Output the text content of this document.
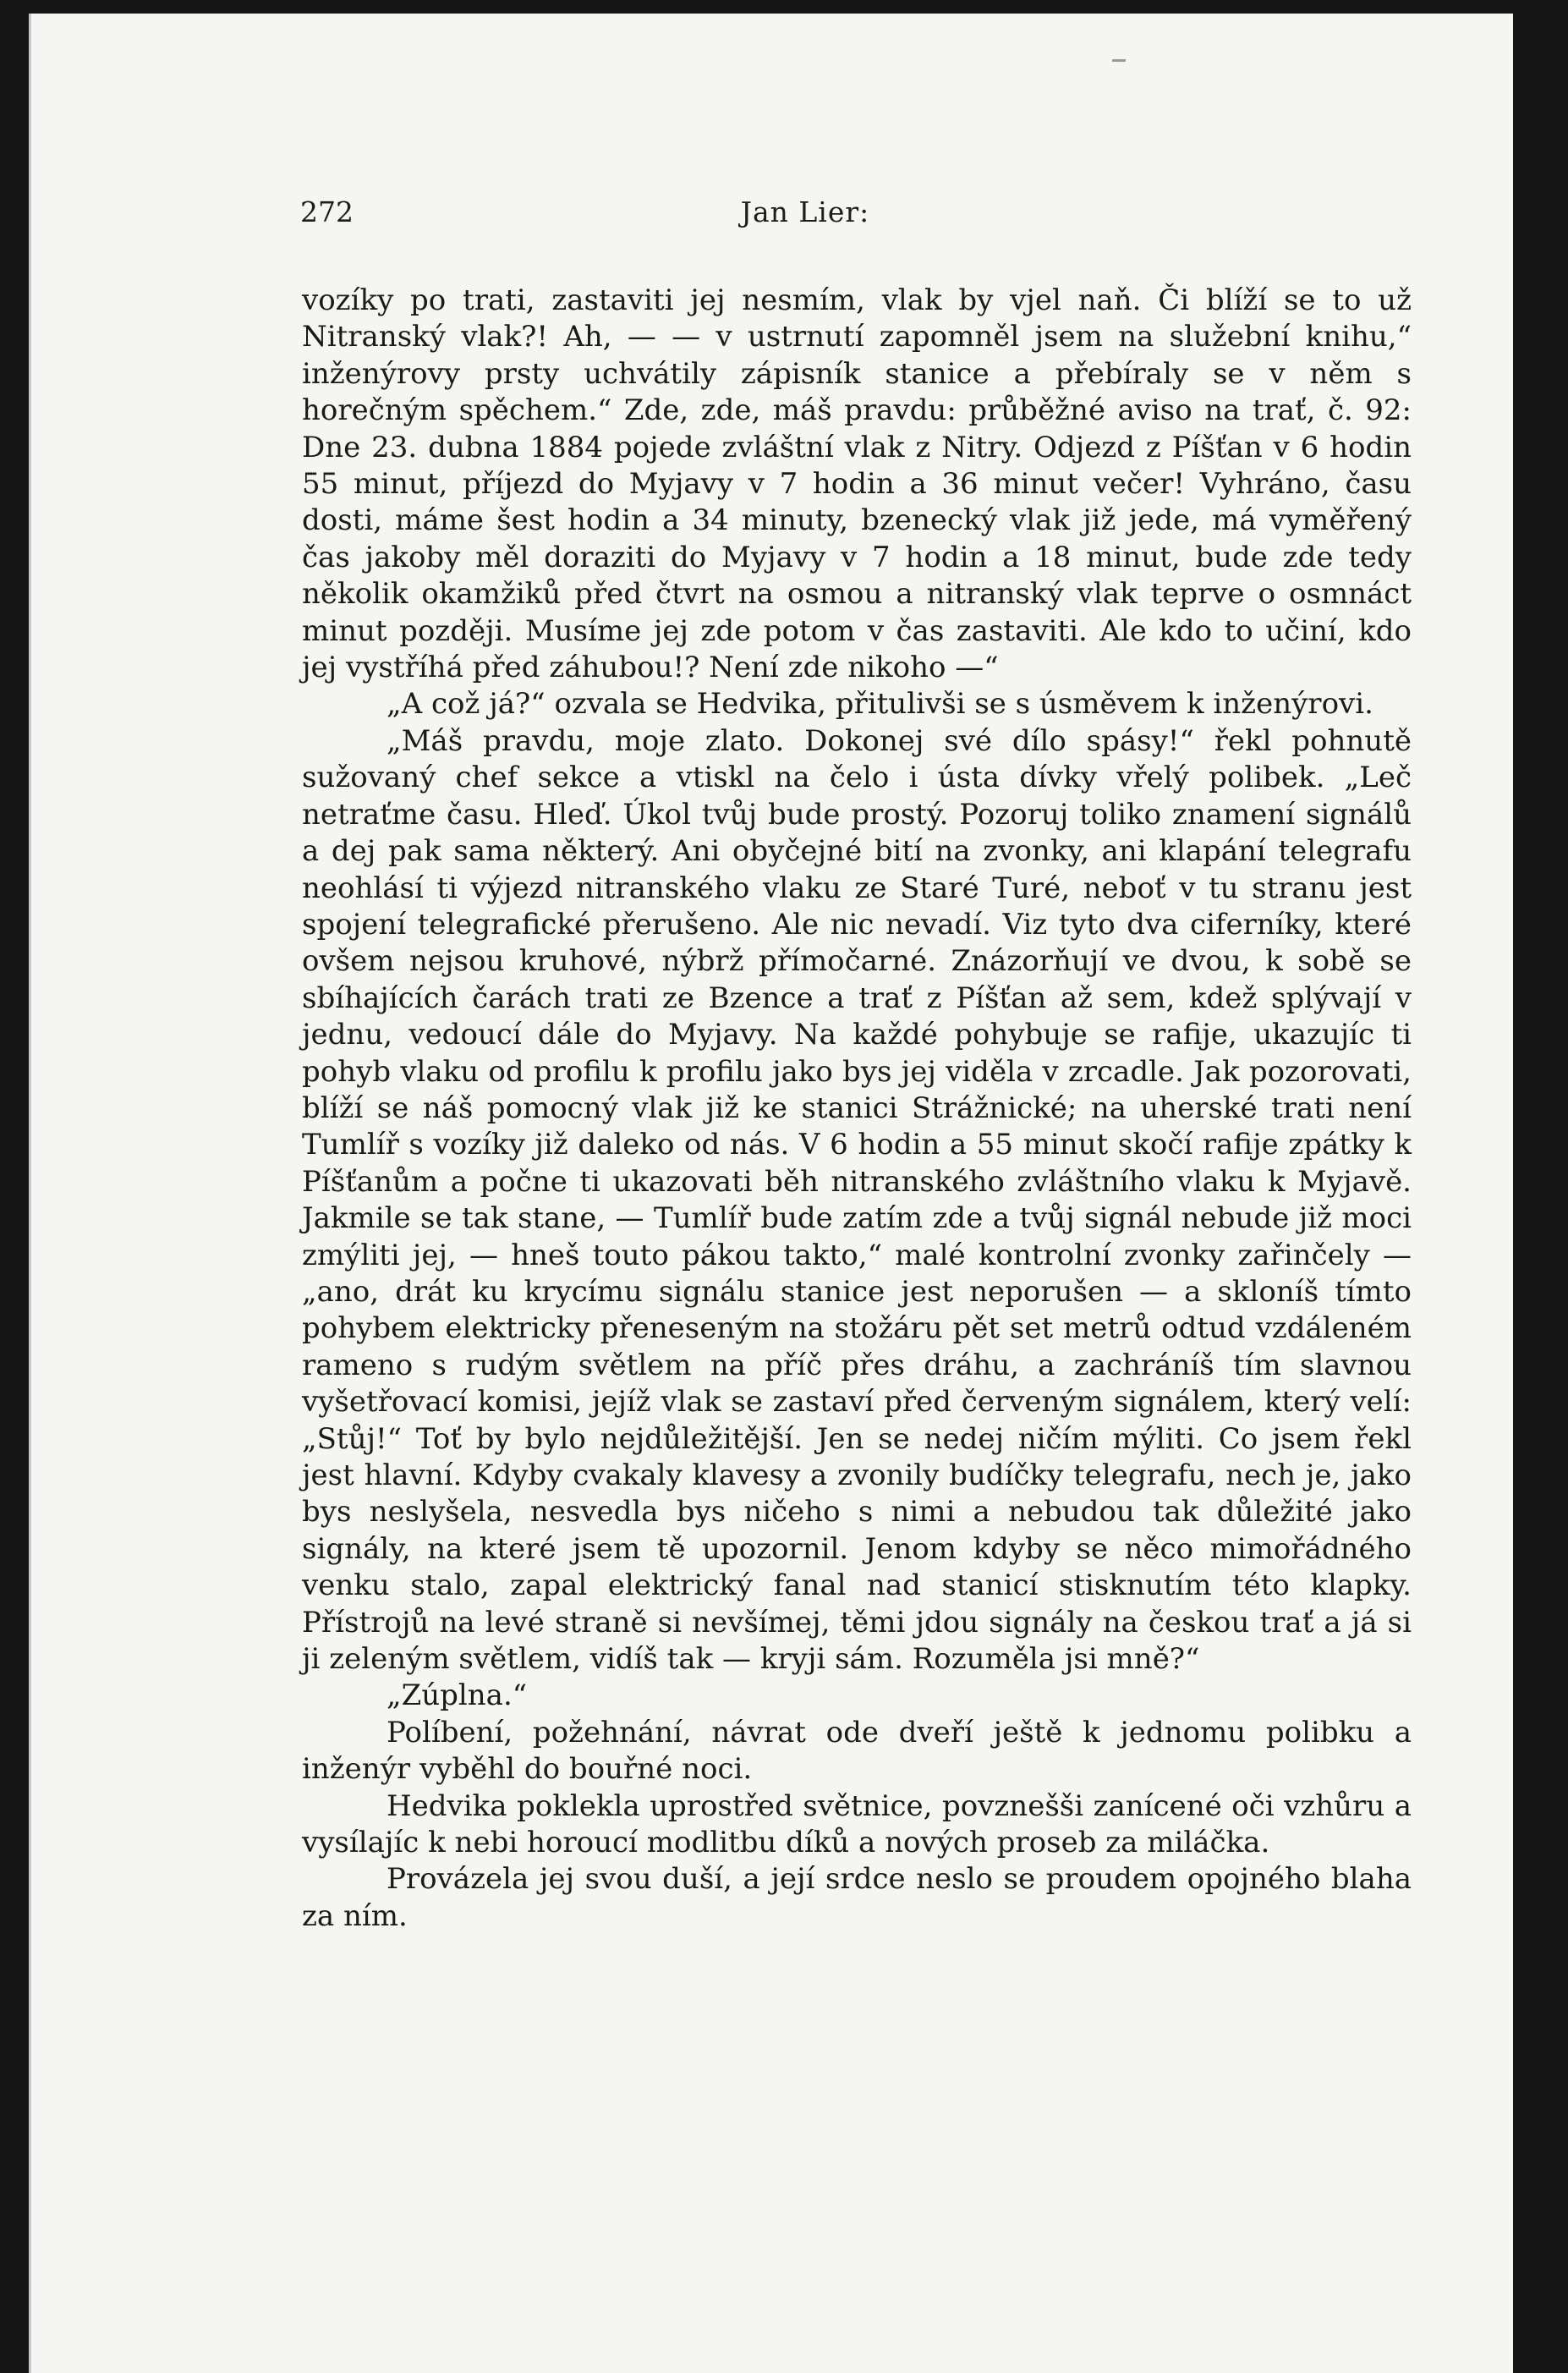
272	Jan Lier:

vozíky po trati, zastaviti jej nesmím, vlak by vjel naň. Či blíží se to už Nitranský vlak?! Ah, — — v ustrnutí zapomněl jsem na služební knihu,“ inženýrovy prsty uchvátily zápisník stanice a přebíraly se v něm s horečným spěchem.“ Zde, zde, máš pravdu: průběžné aviso na trať, č. 92: Dne 23. dubna 1884 pojede zvláštní vlak z Nitry. Odjezd z Píšťan v 6 hodin 55 minut, příjezd do Myjavy v 7 hodin a 36 minut večer! Vyhráno, času dosti, máme šest hodin a 34 minuty, bzenecký vlak již jede, má vyměřený čas jakoby měl doraziti do Myjavy v 7 hodin a 18 minut, bude zde tedy několik okamžiků před čtvrt na osmou a nitranský vlak teprve o osmnáct minut později. Musíme jej zde potom v čas zastaviti. Ale kdo to učiní, kdo jej vystříhá před záhubou!? Není zde nikoho —“

„A což já?“ ozvala se Hedvika, přitulivši se s úsměvem k inženýrovi.

„Máš pravdu, moje zlato. Dokonej své dílo spásy!“ řekl pohnutě sužovaný chef sekce a vtiskl na čelo i ústa dívky vřelý polibek. „Leč netraťme času. Hleď. Úkol tvůj bude prostý. Pozoruj toliko znamení signálů a dej pak sama některý. Ani obyčejné bití na zvonky, ani klapání telegrafu neohlásí ti výjezd nitranského vlaku ze Staré Turé, neboť v tu stranu jest spojení telegrafické přerušeno. Ale nic nevadí. Viz tyto dva ciferníky, které ovšem nejsou kruhové, nýbrž přímočarné. Znázorňují ve dvou, k sobě se sbíhajících čarách trati ze Bzence a trať z Píšťan až sem, kdež splývají v jednu, vedoucí dále do Myjavy. Na každé pohybuje se rafije, ukazujíc ti pohyb vlaku od profilu k profilu jako bys jej viděla v zrcadle. Jak pozorovati, blíží se náš pomocný vlak již ke stanici Strážnické; na uherské trati není Tumlíř s vozíky již daleko od nás. V 6 hodin a 55 minut skočí rafije zpátky k Píšťanům a počne ti ukazovati běh nitranského zvláštního vlaku k Myjavě. Jakmile se tak stane, — Tumlíř bude zatím zde a tvůj signál nebude již moci zmýliti jej, — hneš touto pákou takto,“ malé kontrolní zvonky zařinčely — „ano, drát ku krycímu signálu stanice jest neporušen — a skloníš tímto pohybem elektricky přeneseným na stožáru pět set metrů odtud vzdáleném rameno s rudým světlem na příč přes dráhu, a zachráníš tím slavnou vyšetřovací komisi, jejíž vlak se zastaví před červeným signálem, který velí: „Stůj!“ Toť by bylo nejdůležitější. Jen se nedej ničím mýliti. Co jsem řekl jest hlavní. Kdyby cvakaly klavesy a zvonily budíčky telegrafu, nech je, jako bys neslyšela, nesvedla bys ničeho s nimi a nebudou tak důležité jako signály, na které jsem tě upozornil. Jenom kdyby se něco mimořádného venku stalo, zapal elektrický fanal nad stanicí stisknutím této klapky. Přístrojů na levé straně si nevšímej, těmi jdou signály na českou trať a já si ji zeleným světlem, vidíš tak — kryji sám. Rozuměla jsi mně?“

„Zúplna.“

Políbení, požehnání, návrat ode dveří ještě k jednomu polibku a inženýr vyběhl do bouřné noci.

Hedvika poklekla uprostřed světnice, povznešši zanícené oči vzhůru a vysílajíc k nebi horoucí modlitbu díků a nových proseb za miláčka.

Provázela jej svou duší, a její srdce neslo se proudem opojného blaha za ním.
